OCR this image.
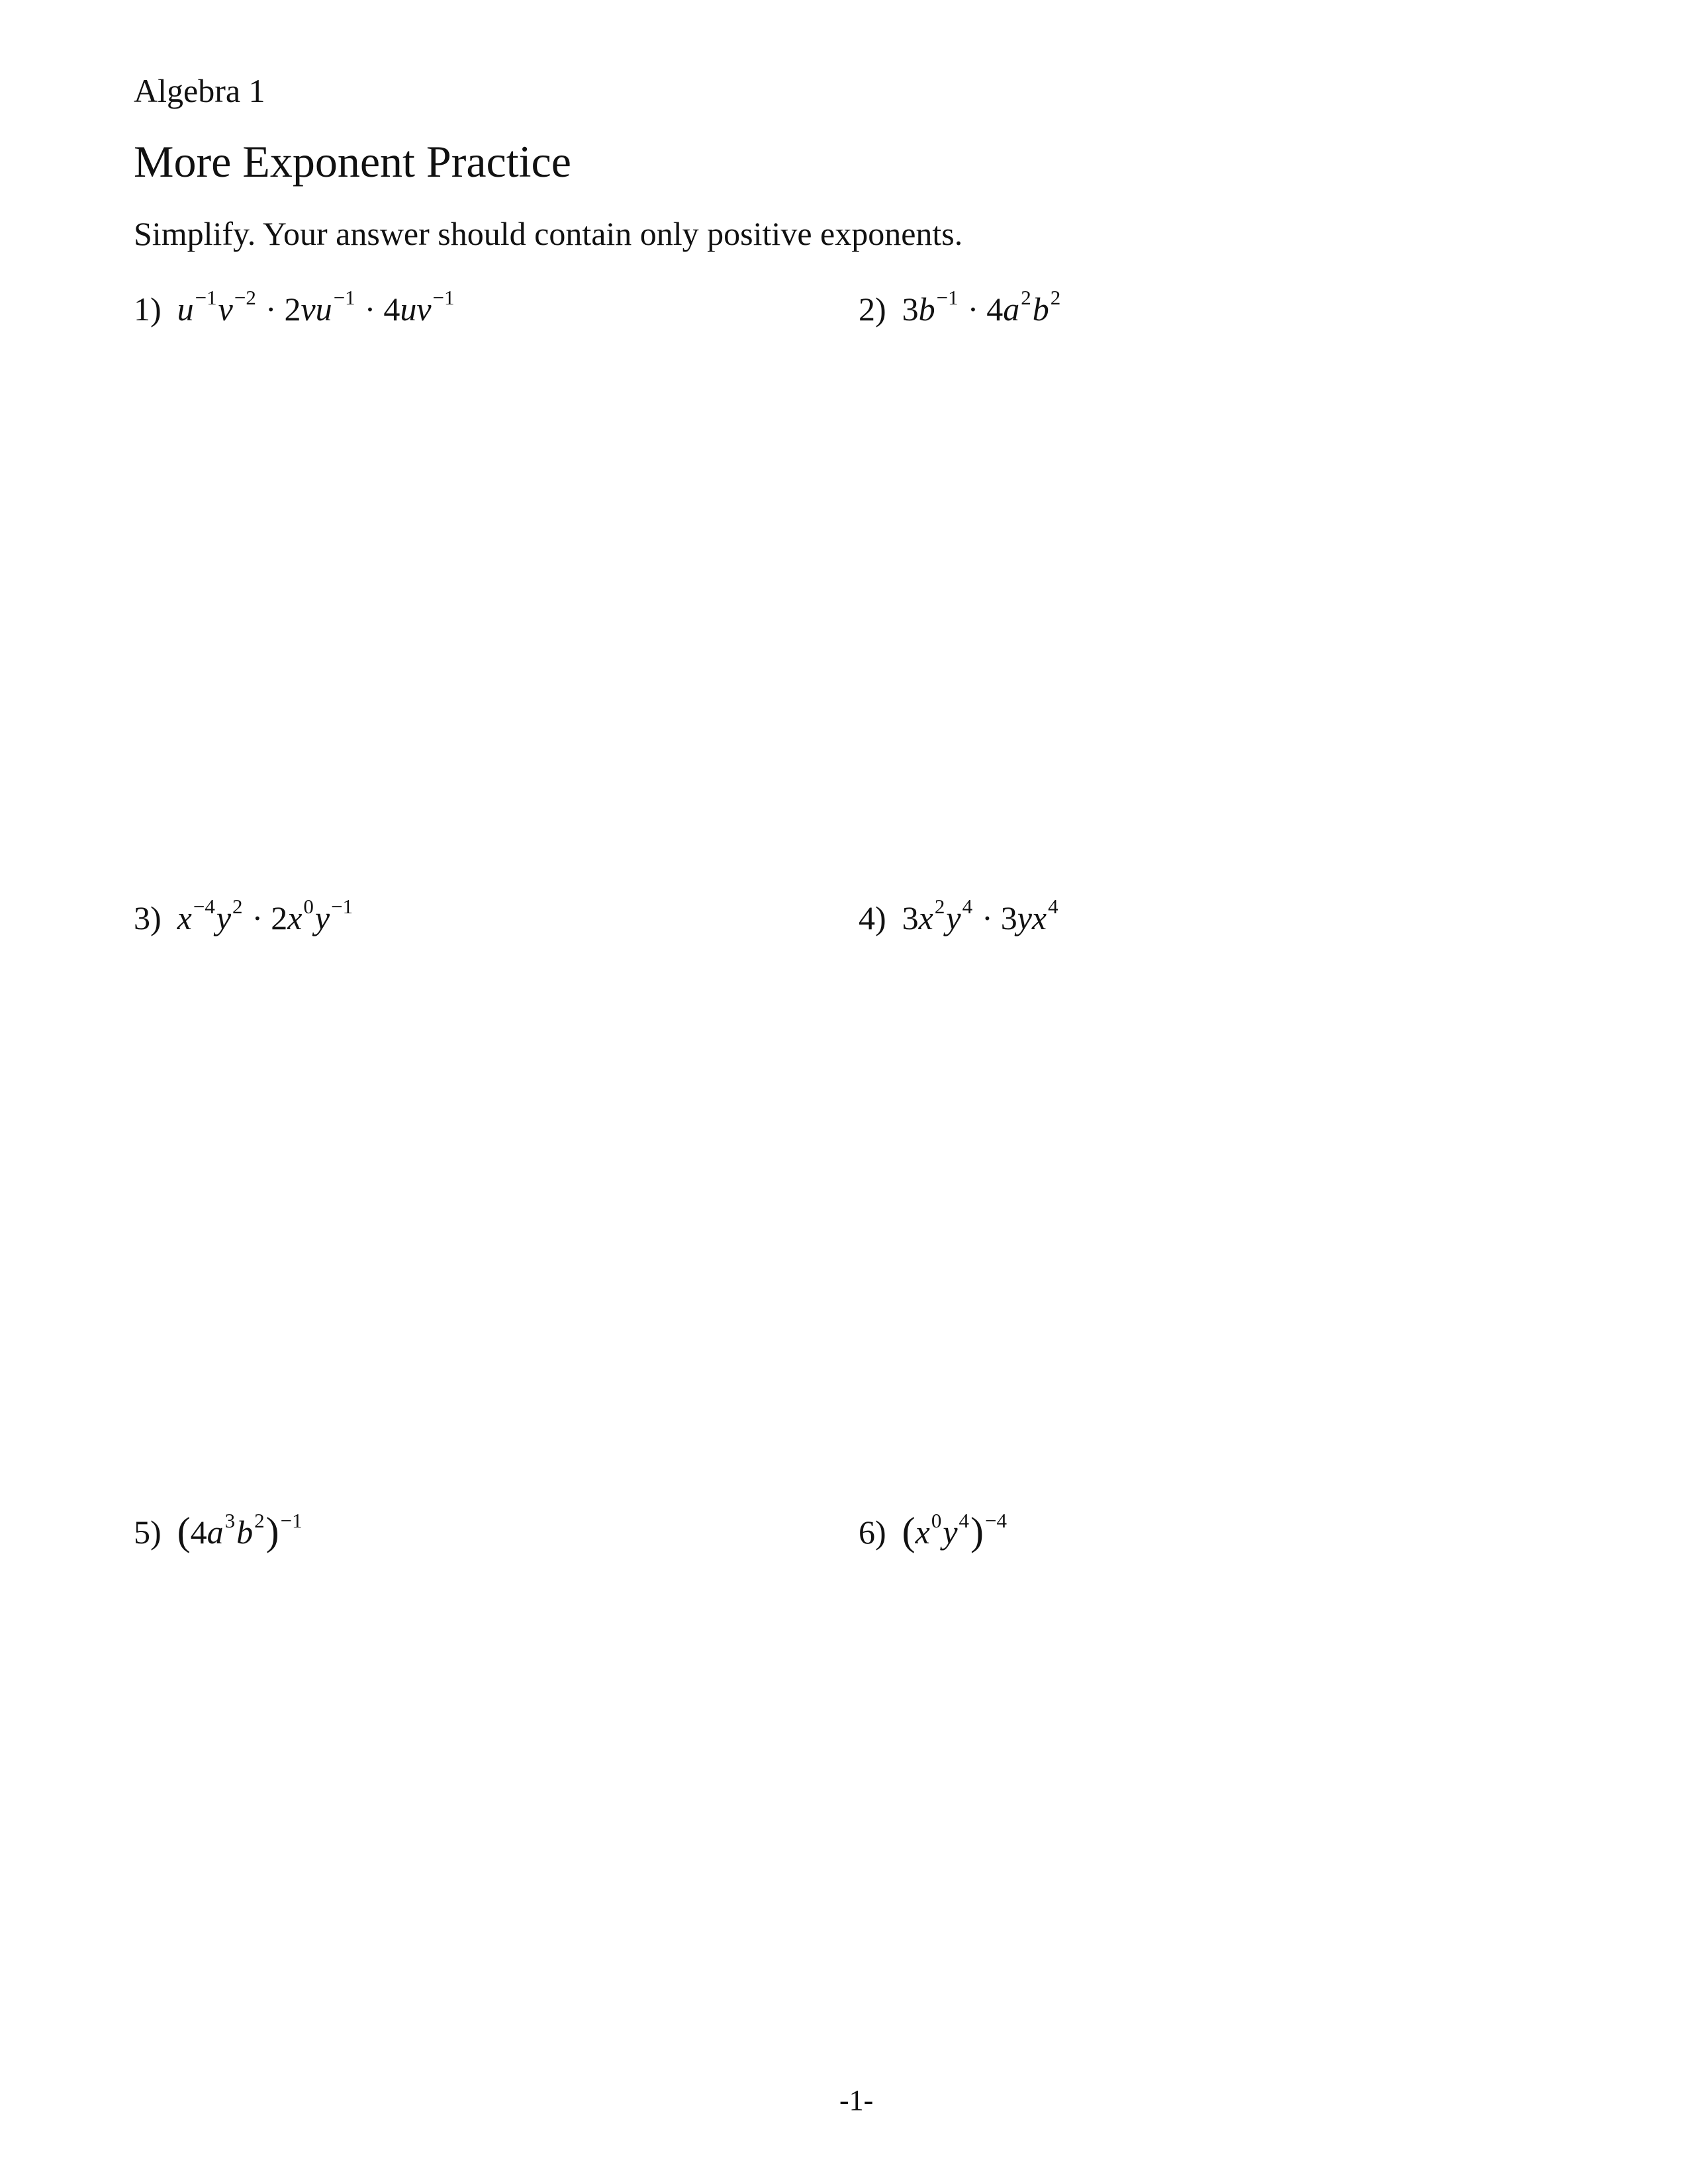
Algebra 1
More Exponent Practice
Simplify. Your answer should contain only positive exponents.
1) $u^{-1}v^{-2} \cdot 2vu^{-1} \cdot 4uv^{-1}$	2) $3b^{-1} \cdot 4a^2b^2$
3) $x^{-4}y^2 \cdot 2x^0y^{-1}$	4) $3x^2y^4 \cdot 3yx^4$
5) $(4a^3b^2)^{-1}$	6) $(x^0y^4)^{-4}$
-1-
